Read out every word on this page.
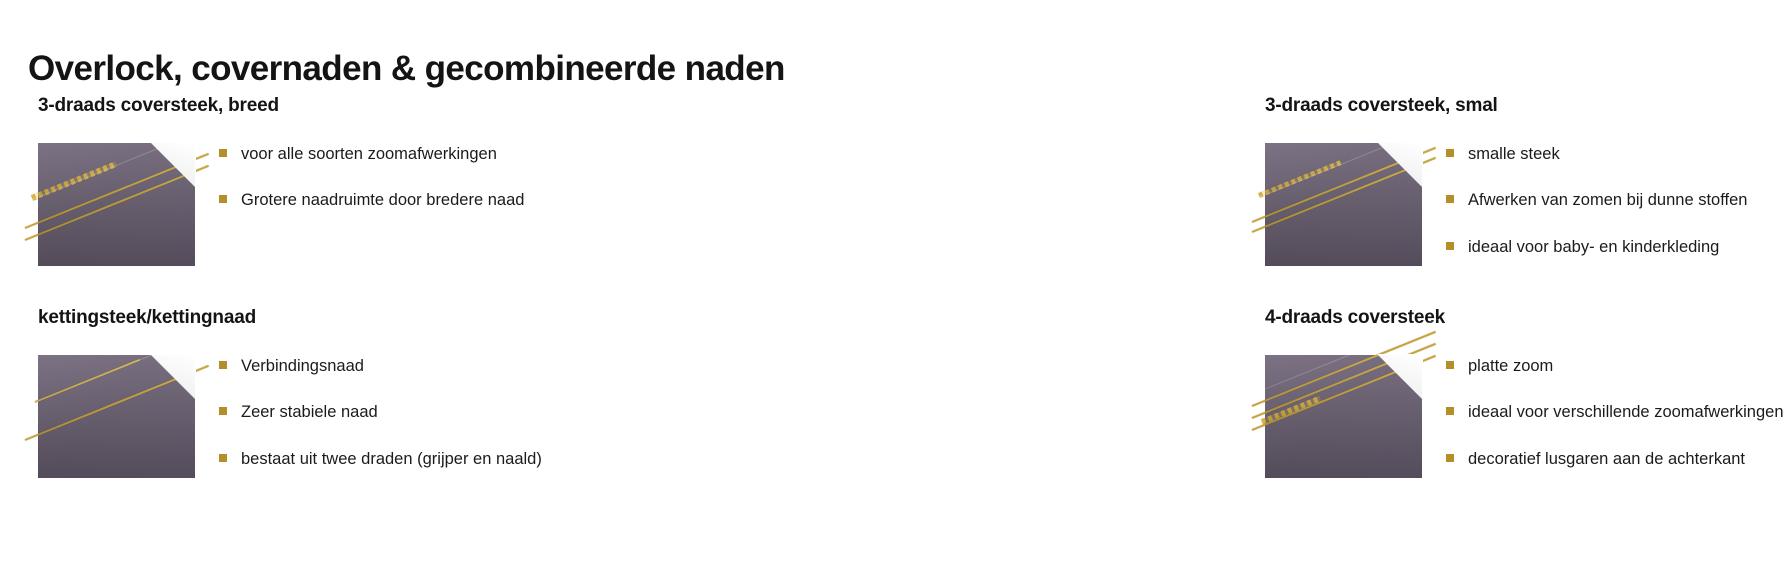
Overlock, covernaden & gecombineerde naden
3-draads coversteek, breed
voor alle soorten zoomafwerkingen
Grotere naadruimte door bredere naad
3-draads coversteek, smal
smalle steek
Afwerken van zomen bij dunne stoffen
ideaal voor baby- en kinderkleding
kettingsteek/kettingnaad
Verbindingsnaad
Zeer stabiele naad
bestaat uit twee draden (grijper en naald)
4-draads coversteek
platte zoom
ideaal voor verschillende zoomafwerkingen
decoratief lusgaren aan de achterkant
